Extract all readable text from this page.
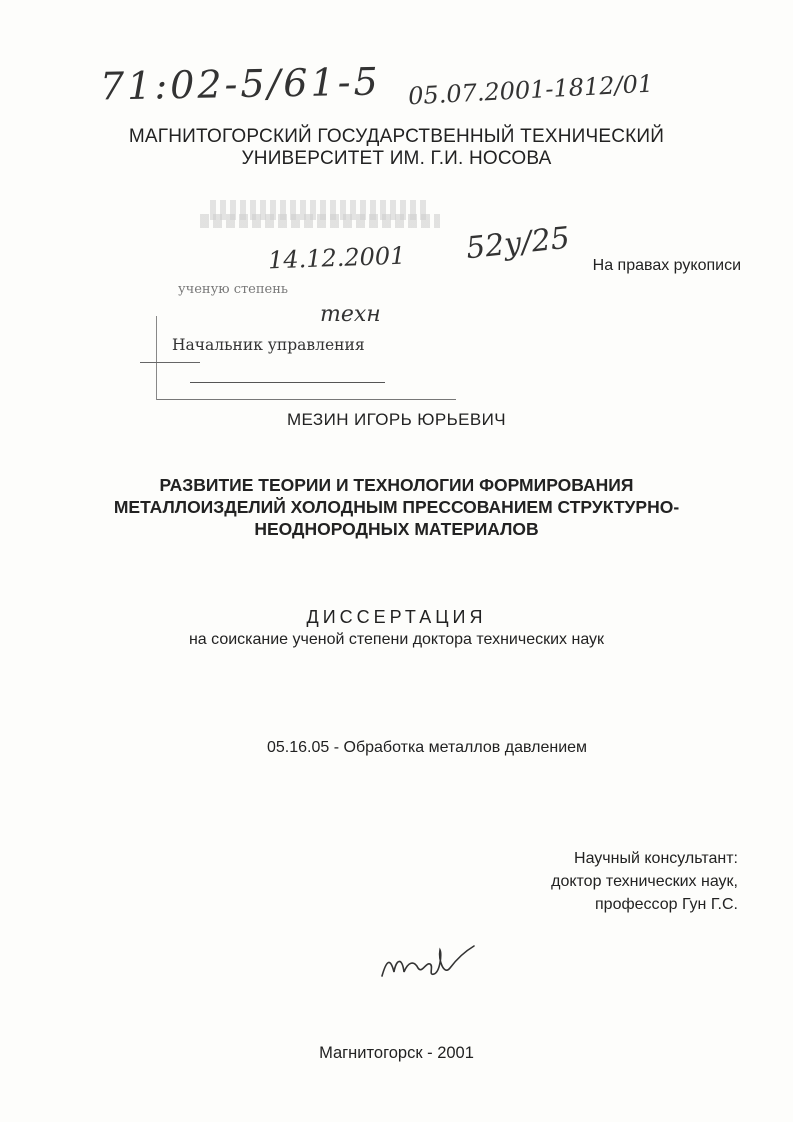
71:02-5/61-5 05.07.2001-1812/01
МАГНИТОГОРСКИЙ ГОСУДАРСТВЕННЫЙ ТЕХНИЧЕСКИЙ
УНИВЕРСИТЕТ ИМ. Г.И. НОСОВА
ученую степень
Начальник управления
14.12.2001 52у/25
техн
На правах рукописи
МЕЗИН ИГОРЬ ЮРЬЕВИЧ
РАЗВИТИЕ ТЕОРИИ И ТЕХНОЛОГИИ ФОРМИРОВАНИЯ
МЕТАЛЛОИЗДЕЛИЙ ХОЛОДНЫМ ПРЕССОВАНИЕМ СТРУКТУРНО-
НЕОДНОРОДНЫХ МАТЕРИАЛОВ
ДИССЕРТАЦИЯ
на соискание ученой степени доктора технических наук
05.16.05 - Обработка металлов давлением
Научный консультант:
доктор технических наук,
профессор Гун Г.С.
Магнитогорск - 2001
